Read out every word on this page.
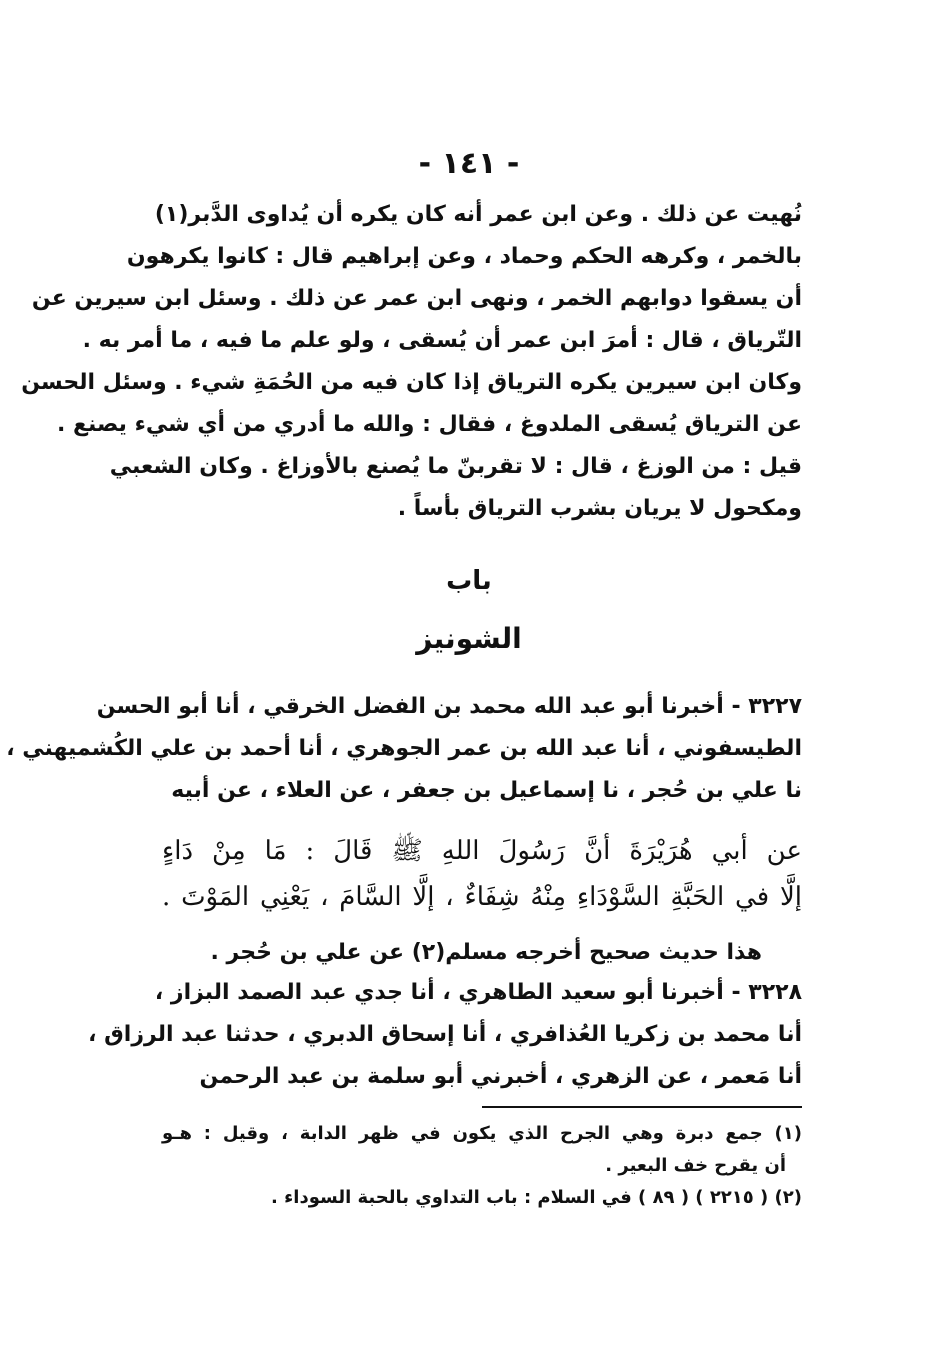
- ١٤١ -
نُهيت عن ذلك . وعن ابن عمر أنه كان يكره أن يُداوى الدَّبر(١)
بالخمر ، وكرهه الحكم وحماد ، وعن إبراهيم قال : كانوا يكرهون
أن يسقوا دوابهم الخمر ، ونهى ابن عمر عن ذلك . وسئل ابن سيرين عن
التّرياق ، قال : أمرَ ابن عمر أن يُسقى ، ولو علم ما فيه ، ما أمر به .
وكان ابن سيرين يكره الترياق إذا كان فيه من الحُمَةِ شيء . وسئل الحسن
عن الترياق يُسقى الملدوغ ، فقال : والله ما أدري من أي شيء يصنع .
قيل : من الوزغ ، قال : لا تقربنّ ما يُصنع بالأوزاغ . وكان الشعبي
ومكحول لا يريان بشرب الترياق بأساً .
باب
الشونيز
٣٢٢٧ - أخبرنا أبو عبد الله محمد بن الفضل الخرقي ، أنا أبو الحسن
الطيسفوني ، أنا عبد الله بن عمر الجوهري ، أنا أحمد بن علي الكُشميهني ،
نا علي بن حُجر ، نا إسماعيل بن جعفر ، عن العلاء ، عن أبيه
عن أبي هُرَيْرَةَ أنَّ رَسُولَ اللهِ ﷺ قَالَ : مَا مِنْ دَاءٍ
إلَّا في الحَبَّةِ السَّوْدَاءِ مِنْهُ شِفَاءٌ ، إلَّا السَّامَ ، يَعْنِي المَوْتَ .
هذا حديث صحيح أخرجه مسلم(٢) عن علي بن حُجر .
٣٢٢٨ - أخبرنا أبو سعيد الطاهري ، أنا جدي عبد الصمد البزاز ،
أنا محمد بن زكريا العُذافري ، أنا إسحاق الدبري ، حدثنا عبد الرزاق ،
أنا مَعمر ، عن الزهري ، أخبرني أبو سلمة بن عبد الرحمن
(١) جمع دبرة وهي الجرح الذي يكون في ظهر الدابة ، وقيل : هـو
أن يقرح خف البعير .
(٢) ( ٢٢١٥ ) ( ٨٩ ) في السلام : باب التداوي بالحبة السوداء .
